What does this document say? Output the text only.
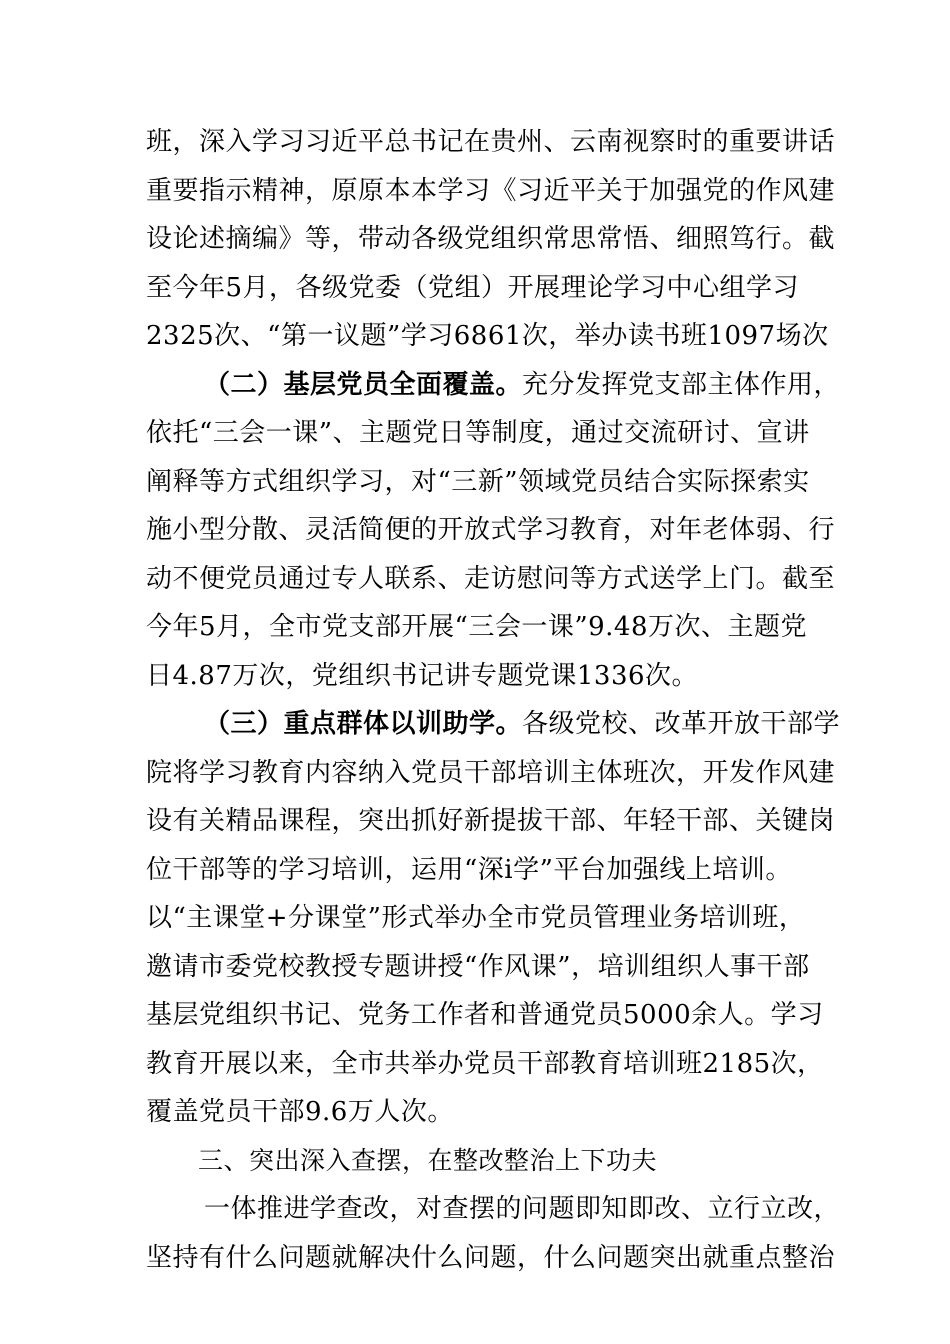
班，深入学习习近平总书记在贵州、云南视察时的重要讲话
重要指示精神，原原本本学习《习近平关于加强党的作风建
设论述摘编》等，带动各级党组织常思常悟、细照笃行。截
至今年5月，各级党委（党组）开展理论学习中心组学习
2325次、“第一议题”学习6861次，举办读书班1097场次
（二）基层党员全面覆盖。充分发挥党支部主体作用，
依托“三会一课”、主题党日等制度，通过交流研讨、宣讲
阐释等方式组织学习，对“三新”领域党员结合实际探索实
施小型分散、灵活简便的开放式学习教育，对年老体弱、行
动不便党员通过专人联系、走访慰问等方式送学上门。截至
今年5月，全市党支部开展“三会一课”9.48万次、主题党
日4.87万次，党组织书记讲专题党课1336次。
（三）重点群体以训助学。各级党校、改革开放干部学
院将学习教育内容纳入党员干部培训主体班次，开发作风建
设有关精品课程，突出抓好新提拔干部、年轻干部、关键岗
位干部等的学习培训，运用“深i学”平台加强线上培训。
以“主课堂+分课堂”形式举办全市党员管理业务培训班，
邀请市委党校教授专题讲授“作风课”，培训组织人事干部
基层党组织书记、党务工作者和普通党员5000余人。学习
教育开展以来，全市共举办党员干部教育培训班2185次，
覆盖党员干部9.6万人次。
三、突出深入查摆，在整改整治上下功夫
一体推进学查改，对查摆的问题即知即改、立行立改，
坚持有什么问题就解决什么问题，什么问题突出就重点整治
